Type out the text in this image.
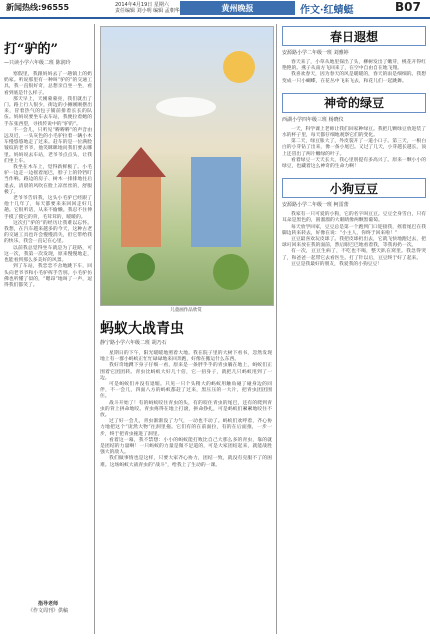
新闻热线:96555	2014年4月19日 星期六
责任编辑 刘小明 编辑 孟朝华	黄州晚报	作文·红蜻蜓	B07
打“驴的”
—只读小学六年级二班 陈润玲

寒假里，我跟妈妈去了一趟镇上的奶奶家。听说那里有一种叫“驴的”的交通工具，我一直很好奇，总想亲自坐一坐，看看到底是什么样子。

那天早上，天刚蒙蒙亮，我们就出了门。路上行人很少，街边的小摊刚刚摆出来，冒着热气的包子铺前排着长长的队伍。妈妈说要坐车去车站，我便拉着她的手东张西望，寻找传说中的“驴的”。

不一会儿，只听见“嘚嘚嘚”的声音由远及近，一头灰色的小毛驴拉着一辆小木车慢悠悠地走了过来。赶车的是一位满脸皱纹的老爷爷，他笑眯眯地问我们要去哪里。妈妈说去车站，老爷爷点点头，让我们坐上车。

我坐在木车上，觉得新鲜极了。小毛驴一边走一边摇着尾巴，脖子上的铃铛叮当作响。路边的房子、树木一排排地往后退去，清晨的风吹在脸上凉丝丝的，舒服极了。

老爷爷告诉我，这头小毛驴已经跟了他十几年了，每天都要来来回回走好几趟。它很听话，从来不偷懒。我忍不住伸手摸了摸它的背，毛茸茸的，暖暖的。

这次打“驴的”的经历让我难以忘怀。我想，在汽车越来越多的今天，这种古老的交通工具也许会慢慢消失，但它带给我的快乐，我会一直记在心里。

以前我总觉得坐车就是为了赶路，可这一次，我第一次发现，原来慢慢地走，也能看到那么多美好的风景。

到了车站，我恋恋不舍地跳下车，回头向老爷爷和小毛驴挥手告别。小毛驴仿佛也听懂了似的，“嗯昂”地叫了一声，逗得我们都笑了。

儿童画作品欣赏
蚂蚁大战青虫
静宁路小学六年级二班 胡乃石

星期日的下午，阳光暖暖地照着大地。我在院子里的大树下看书，忽然发现地上有一群小蚂蚁正忙忙碌碌地来回奔跑，好像在搬运什么东西。

我好奇地蹲下身子仔细一看，原来是一条胖乎乎的青虫躺在地上，蚂蚁们正围着它团团转。青虫比蚂蚁大好几十倍，它一扭身子，就把几只蚂蚁甩到了一边。

可是蚂蚁们并没有退缩。只见一只个头稍大的蚂蚁用触角碰了碰身边的同伴，不一会儿，四面八方的蚂蚁都赶了过来，黑压压的一大片，把青虫团团围住。

战斗开始了！有的蚂蚁咬住青虫的头，有的咬住青虫的尾巴，还有的爬到青虫的背上拼命地咬。青虫疼得在地上打滚，拼命挣扎，可是蚂蚁们紧紧地咬住不放。

过了好一会儿，青虫渐渐没了力气，一动也不动了。蚂蚁们欢呼着，齐心协力地把这个“庞然大物”往洞里拖。它们有的在前面拉，有的在后面推，一步一步，终于把青虫拖进了洞里。

看着这一幕，我不禁想：小小的蚂蚁能打败比自己大那么多的青虫，靠的就是团结的力量啊！一只蚂蚁的力量是微不足道的，可是大家团结起来，就能战胜强大的敌人。

我们做事情也是这样，只要大家齐心协力，团结一致，就没有克服不了的困难。这场蚂蚁大战青虫的“战斗”，给我上了生动的一课。

春日遐想
安源路小学二年级一班 刘雅婷

春天来了，小草从地里探出了头，柳树发出了嫩芽，桃花开得红艳艳的。燕子从南方飞回来了，在空中自由自在地飞翔。

我喜欢春天，因为春天的风是暖暖的，春天的雨是细细的。我想变成一只小蝴蝶，在花丛中飞来飞去，和花儿们一起跳舞。

神奇的绿豆
西湖小学四年级三班 杨晓仪

一天，科学课上老师让我们回家种绿豆。我把几颗绿豆放进装了水的杯子里，每天都仔细地观察它们的变化。

第二天，绿豆胀大了，外皮裂开了一道小口子。第三天，一根白白的小芽钻了出来，像一条小尾巴。又过了几天，小芽越长越长，顶上还冒出了两片嫩绿的叶子。

看着绿豆一天天长大，我心里别提有多高兴了。原来一颗小小的绿豆，也藏着这么神奇的生命力啊！

小狗豆豆
安源路小学二年级一班 柯雷蕾

我家有一只可爱的小狗，它的名字叫豆豆。豆豆全身雪白，只有耳朵是黑色的，圆溜溜的大眼睛像两颗黑葡萄。

每天放学回家，豆豆总是第一个跑到门口迎接我，摇着尾巴在我脚边转来转去，好像在说：“小主人，你终于回来啦！”

豆豆最喜欢玩皮球了。我把皮球扔出去，它就飞快地跑过去，把球叼回来放在我的面前，然后眼巴巴地看着我，等我再扔一次。

有一次，豆豆生病了，不吃也不喝，整天趴在窝里。我急得哭了，和爸爸一起带它去看医生。打了针以后，豆豆终于好了起来。

豆豆是我最好的朋友，我爱我的小狗豆豆！

指导老师
《作文周刊》供稿
